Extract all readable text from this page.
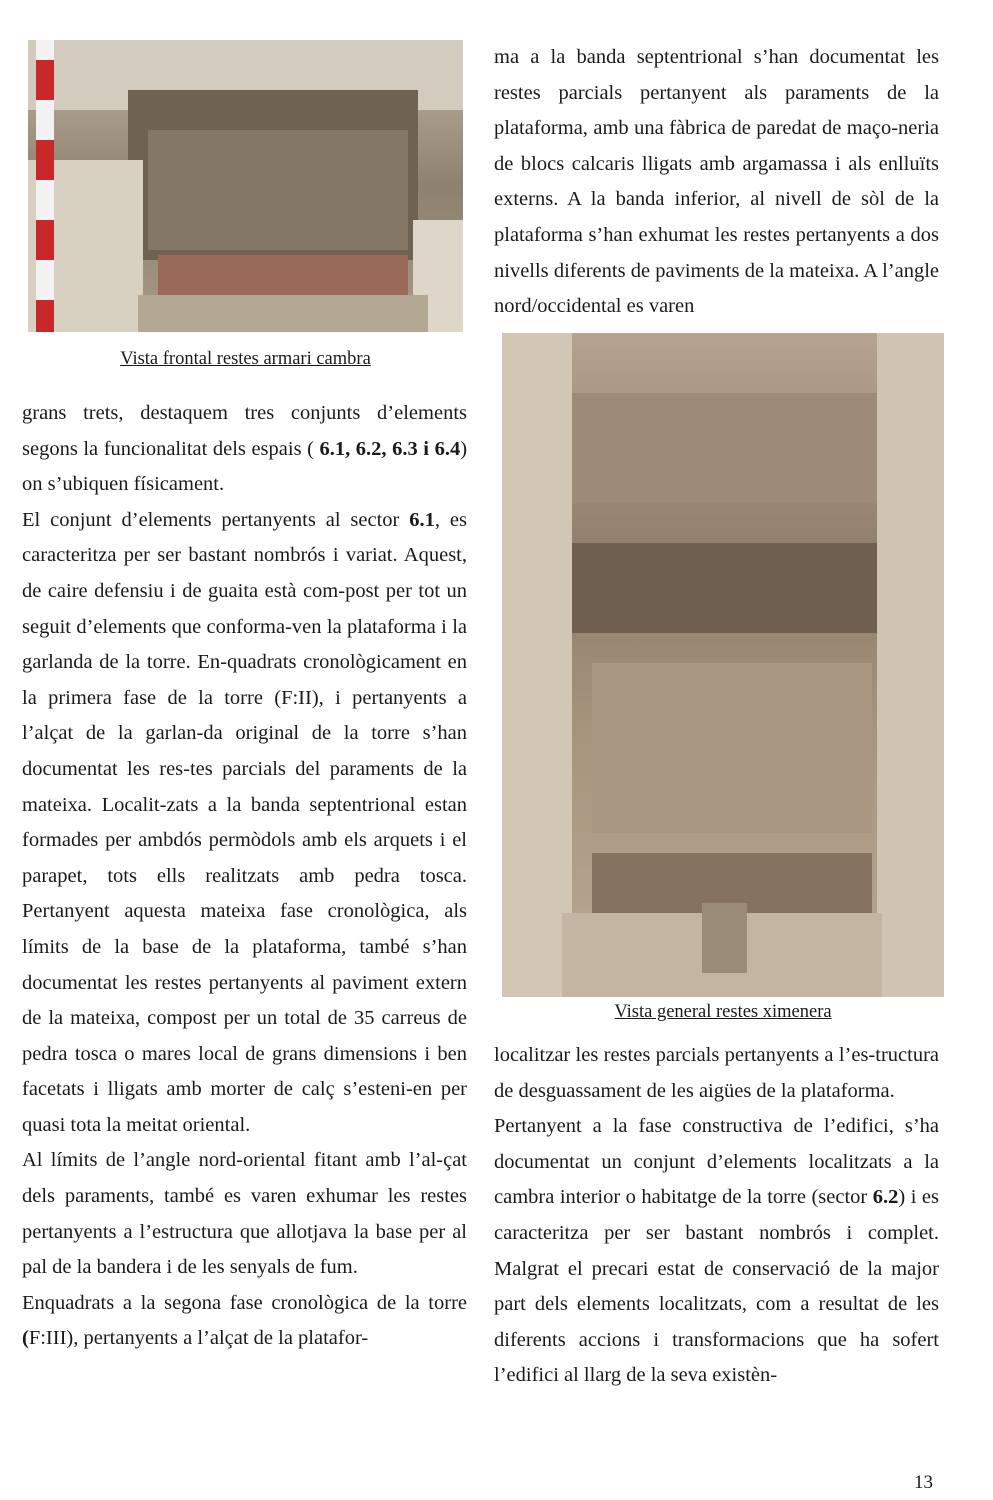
Vista frontal restes armari cambra
Vista general restes ximenera

ma a la banda septentrional s’han documentat les restes parcials pertanyent als paraments de la plataforma, amb una fàbrica de paredat de maço-neria de blocs calcaris lligats amb argamassa i als enlluïts externs. A la banda inferior, al nivell de sòl de la plataforma s’han exhumat les restes pertanyents a dos nivells diferents de paviments de la mateixa. A l’angle nord/occidental es varen

grans trets, destaquem tres conjunts d’elements segons la funcionalitat dels espais ( 6.1, 6.2, 6.3 i 6.4) on s’ubiquen físicament.

El conjunt d’elements pertanyents al sector 6.1, es caracteritza per ser bastant nombrós i variat. Aquest, de caire defensiu i de guaita està com-post per tot un seguit d’elements que conforma-ven la plataforma i la garlanda de la torre. En-quadrats cronològicament en la primera fase de la torre (F:II), i pertanyents a l’alçat de la garlan-da original de la torre s’han documentat les res-tes parcials del paraments de la mateixa. Localit-zats a la banda septentrional estan formades per ambdós permòdols amb els arquets i el parapet, tots ells realitzats amb pedra tosca. Pertanyent aquesta mateixa fase cronològica, als límits de la base de la plataforma, també s’han documentat les restes pertanyents al paviment extern de la mateixa, compost per un total de 35 carreus de pedra tosca o mares local de grans dimensions i ben facetats i lligats amb morter de calç s’esteni-en per quasi tota la meitat oriental.

Al límits de l’angle nord-oriental fitant amb l’al-çat dels paraments, també es varen exhumar les restes pertanyents a l’estructura que allotjava la base per al pal de la bandera i de les senyals de fum.

Enquadrats a la segona fase cronològica de la torre (F:III), pertanyents a l’alçat de la platafor-

localitzar les restes parcials pertanyents a l’es-tructura de desguassament de les aigües de la plataforma.

Pertanyent a la fase constructiva de l’edifici, s’ha documentat un conjunt d’elements localitzats a la cambra interior o habitatge de la torre (sector 6.2) i es caracteritza per ser bastant nombrós i complet. Malgrat el precari estat de conservació de la major part dels elements localitzats, com a resultat de les diferents accions i transformacions que ha sofert l’edifici al llarg de la seva existèn-

13
